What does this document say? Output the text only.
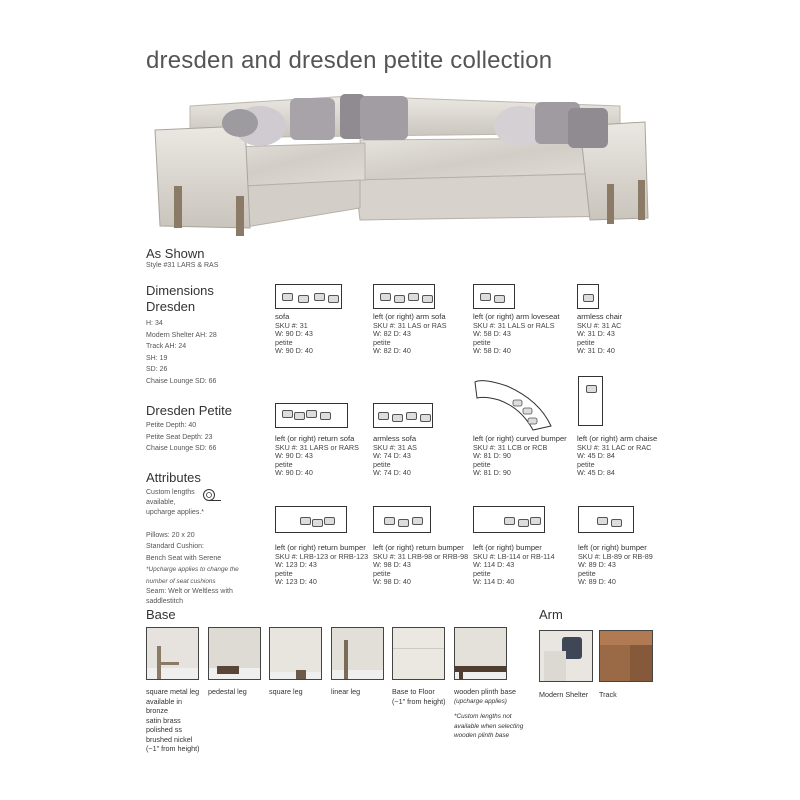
dresden and dresden petite collection
As Shown
Style #31 LARS & RAS
Dimensions
Dresden
H: 34
Modern Shelter AH: 28
Track AH: 24
SH: 19
SD: 26
Chaise Lounge SD: 66
Dresden Petite
Petite Depth: 40
Petite Seat Depth: 23
Chaise Lounge SD: 66
Attributes
Custom lengths
available,
upcharge applies.*
Pillows: 20 x 20
Standard Cushion:
Bench Seat with Serene
*Upcharge applies to change the
number of seat cushions
Seam: Welt or Weltless with
saddlestitch
sofa
SKU #: 31
W: 90 D: 43
petite
W: 90 D: 40
left (or right) arm sofa
SKU #: 31 LAS or RAS
W: 82 D: 43
petite
W: 82 D: 40
left (or right) arm loveseat
SKU #: 31 LALS or RALS
W: 58 D: 43
petite
W: 58 D: 40
armless chair
SKU #: 31 AC
W: 31 D: 43
petite
W: 31 D: 40
left (or right) return sofa
SKU #: 31 LARS or RARS
W: 90 D: 43
petite
W: 90 D: 40
armless sofa
SKU #: 31 AS
W: 74 D: 43
petite
W: 74 D: 40
left (or right) curved bumper
SKU #: 31 LCB or RCB
W: 81 D: 90
petite
W: 81 D: 90
left (or right) arm chaise
SKU #: 31 LAC or RAC
W: 45 D: 84
petite
W: 45 D: 84
left (or right) return bumper
SKU #: LRB-123 or RRB-123
W: 123 D: 43
petite
W: 123 D: 40
left (or right) return bumper
SKU #: 31 LRB-98 or RRB-98
W: 98 D: 43
petite
W: 98 D: 40
left (or right) bumper
SKU #: LB-114 or RB-114
W: 114 D: 43
petite
W: 114 D: 40
left (or right) bumper
SKU #: LB-89 or RB-89
W: 89 D: 43
petite
W: 89 D: 40
Base
square metal leg
available in
bronze
satin brass
polished ss
brushed nickel
(~1" from height)
pedestal leg	square leg	linear leg	Base to Floor
(~1" from height)
wooden plinth base
(upcharge applies)
*Custom lengths not
available when selecting
wooden plinth base
Arm
Modern Shelter Track
